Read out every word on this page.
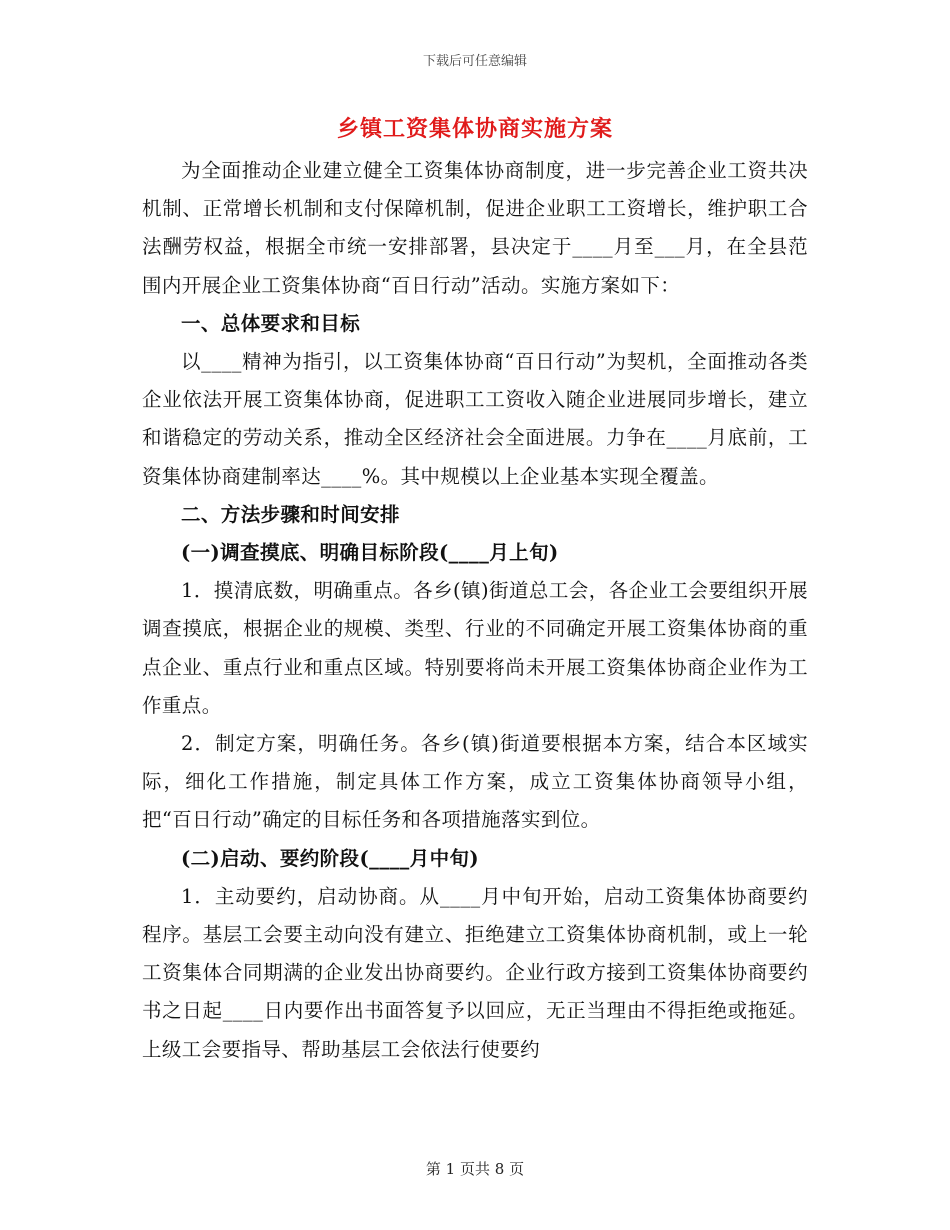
下载后可任意编辑
乡镇工资集体协商实施方案

为全面推动企业建立健全工资集体协商制度，进一步完善企业工资共决机制、正常增长机制和支付保障机制，促进企业职工工资增长，维护职工合法酬劳权益，根据全市统一安排部署，县决定于____月至___月，在全县范围内开展企业工资集体协商“百日行动”活动。实施方案如下：

一、总体要求和目标

以____精神为指引，以工资集体协商“百日行动”为契机，全面推动各类企业依法开展工资集体协商，促进职工工资收入随企业进展同步增长，建立和谐稳定的劳动关系，推动全区经济社会全面进展。力争在____月底前，工资集体协商建制率达____%。其中规模以上企业基本实现全覆盖。

二、方法步骤和时间安排

(一)调查摸底、明确目标阶段(____月上旬)

1．摸清底数，明确重点。各乡(镇)街道总工会，各企业工会要组织开展调查摸底，根据企业的规模、类型、行业的不同确定开展工资集体协商的重点企业、重点行业和重点区域。特别要将尚未开展工资集体协商企业作为工作重点。

2．制定方案，明确任务。各乡(镇)街道要根据本方案，结合本区域实际，细化工作措施，制定具体工作方案，成立工资集体协商领导小组，把“百日行动”确定的目标任务和各项措施落实到位。

(二)启动、要约阶段(____月中旬)

1．主动要约，启动协商。从____月中旬开始，启动工资集体协商要约程序。基层工会要主动向没有建立、拒绝建立工资集体协商机制，或上一轮工资集体合同期满的企业发出协商要约。企业行政方接到工资集体协商要约书之日起____日内要作出书面答复予以回应，无正当理由不得拒绝或拖延。上级工会要指导、帮助基层工会依法行使要约

第 1 页共 8 页
